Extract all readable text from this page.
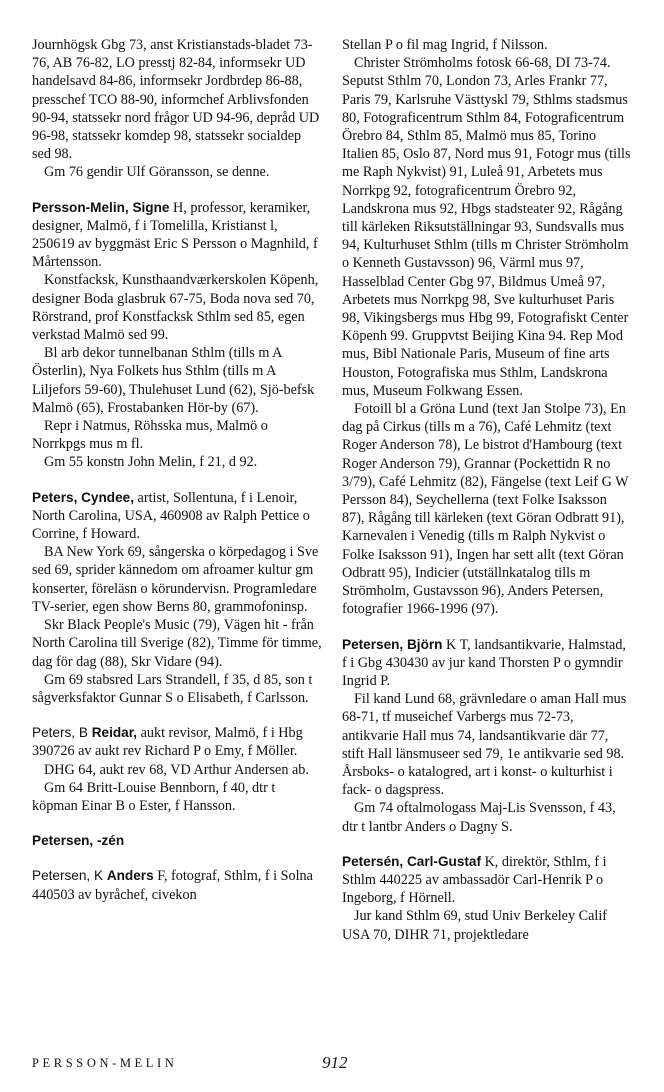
Journhögsk Gbg 73, anst Kristianstads-bladet 73-76, AB 76-82, LO presstj 82-84, informsekr UD handelsavd 84-86, informsekr Jordbrdep 86-88, presschef TCO 88-90, informchef Arblivsfonden 90-94, statssekr nord frågor UD 94-96, depråd UD 96-98, statssekr komdep 98, statssekr socialdep sed 98.

Gm 76 gendir Ulf Göransson, se denne.

Persson-Melin, Signe H, professor, keramiker, designer, Malmö, f i Tomelilla, Kristianst l, 250619 av byggmäst Eric S Persson o Magnhild, f Mårtensson.

Konstfacksk, Kunsthaandværkerskolen Köpenh, designer Boda glasbruk 67-75, Boda nova sed 70, Rörstrand, prof Konstfacksk Sthlm sed 85, egen verkstad Malmö sed 99.

Bl arb dekor tunnelbanan Sthlm (tills m A Österlin), Nya Folkets hus Sthlm (tills m A Liljefors 59-60), Thulehuset Lund (62), Sjö-befsk Malmö (65), Frostabanken Hör-by (67).

Repr i Natmus, Röhsska mus, Malmö o Norrkpgs mus m fl.

Gm 55 konstn John Melin, f 21, d 92.

Peters, Cyndee, artist, Sollentuna, f i Lenoir, North Carolina, USA, 460908 av Ralph Pettice o Corrine, f Howard.

BA New York 69, sångerska o körpedagog i Sve sed 69, sprider kännedom om afroamer kultur gm konserter, föreläsn o körundervisn. Programledare TV-serier, egen show Berns 80, grammofoninsp.

Skr Black People's Music (79), Vägen hit - från North Carolina till Sverige (82), Timme för timme, dag för dag (88), Skr Vidare (94).

Gm 69 stabsred Lars Strandell, f 35, d 85, son t sågverksfaktor Gunnar S o Elisabeth, f Carlsson.

Peters, B Reidar, aukt revisor, Malmö, f i Hbg 390726 av aukt rev Richard P o Emy, f Möller.

DHG 64, aukt rev 68, VD Arthur Andersen ab.

Gm 64 Britt-Louise Bennborn, f 40, dtr t köpman Einar B o Ester, f Hansson.

Petersen, -zén

Petersen, K Anders F, fotograf, Sthlm, f i Solna 440503 av byråchef, civekon

Stellan P o fil mag Ingrid, f Nilsson.

Christer Strömholms fotosk 66-68, DI 73-74. Seputst Sthlm 70, London 73, Arles Frankr 77, Paris 79, Karlsruhe Västtyskl 79, Sthlms stadsmus 80, Fotograficentrum Sthlm 84, Fotograficentrum Örebro 84, Sthlm 85, Malmö mus 85, Torino Italien 85, Oslo 87, Nord mus 91, Fotogr mus (tills me Raph Nykvist) 91, Luleå 91, Arbetets mus Norrkpg 92, fotograficentrum Örebro 92, Landskrona mus 92, Hbgs stadsteater 92, Rågång till kärleken Riksutställningar 93, Sundsvalls mus 94, Kulturhuset Sthlm (tills m Christer Strömholm o Kenneth Gustavsson) 96, Värml mus 97, Hasselblad Center Gbg 97, Bildmus Umeå 97, Arbetets mus Norrkpg 98, Sve kulturhuset Paris 98, Vikingsbergs mus Hbg 99, Fotografiskt Center Köpenh 99. Gruppvtst Beijing Kina 94. Rep Mod mus, Bibl Nationale Paris, Museum of fine arts Houston, Fotografiska mus Sthlm, Landskrona mus, Museum Folkwang Essen.

Fotoill bl a Gröna Lund (text Jan Stolpe 73), En dag på Cirkus (tills m a 76), Café Lehmitz (text Roger Anderson 78), Le bistrot d'Hambourg (text Roger Anderson 79), Grannar (Pockettidn R no 3/79), Café Lehmitz (82), Fängelse (text Leif G W Persson 84), Seychellerna (text Folke Isaksson 87), Rågång till kärleken (text Göran Odbratt 91), Karnevalen i Venedig (tills m Ralph Nykvist o Folke Isaksson 91), Ingen har sett allt (text Göran Odbratt 95), Indicier (utställnkatalog tills m Strömholm, Gustavsson 96), Anders Petersen, fotografier 1966-1996 (97).

Petersen, Björn K T, landsantikvarie, Halmstad, f i Gbg 430430 av jur kand Thorsten P o gymndir Ingrid P.

Fil kand Lund 68, grävnledare o aman Hall mus 68-71, tf museichef Varbergs mus 72-73, antikvarie Hall mus 74, landsantikvarie där 77, stift Hall länsmuseer sed 79, 1e antikvarie sed 98. Årsboks- o katalogred, art i konst- o kulturhist i fack- o dagspress.

Gm 74 oftalmologass Maj-Lis Svensson, f 43, dtr t lantbr Anders o Dagny S.

Petersén, Carl-Gustaf K, direktör, Sthlm, f i Sthlm 440225 av ambassadör Carl-Henrik P o Ingeborg, f Hörnell.

Jur kand Sthlm 69, stud Univ Berkeley Calif USA 70, DIHR 71, projektledare

PERSSON-MELIN	912
